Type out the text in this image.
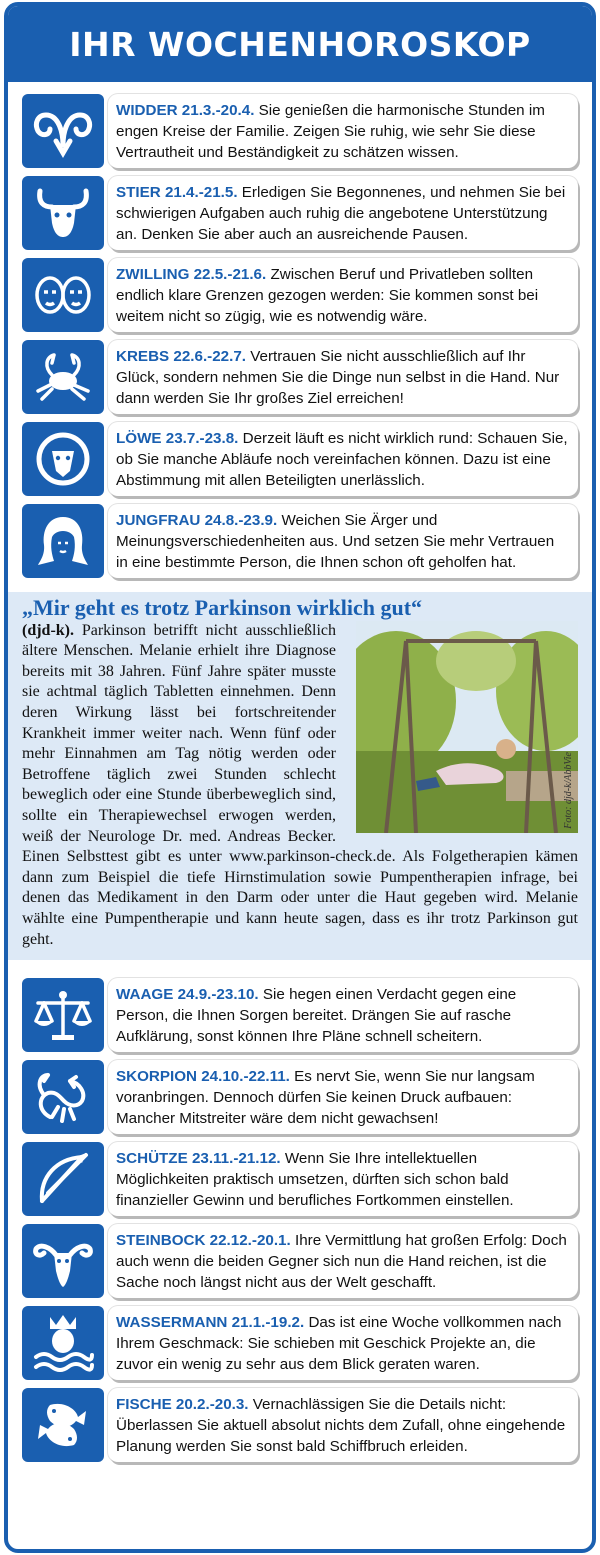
IHR WOCHENHOROSKOP
WIDDER 21.3.-20.4. Sie genießen die harmonische Stunden im engen Kreise der Familie. Zeigen Sie ruhig, wie sehr Sie diese Vertrautheit und Beständigkeit zu schätzen wissen.
STIER 21.4.-21.5. Erledigen Sie Begonnenes, und nehmen Sie bei schwierigen Aufgaben auch ruhig die angebotene Unterstützung an. Denken Sie aber auch an ausreichende Pausen.
ZWILLING 22.5.-21.6. Zwischen Beruf und Privatleben sollten endlich klare Grenzen gezogen werden: Sie kommen sonst bei weitem nicht so zügig, wie es notwendig wäre.
KREBS 22.6.-22.7. Vertrauen Sie nicht ausschließlich auf Ihr Glück, sondern nehmen Sie die Dinge nun selbst in die Hand. Nur dann werden Sie Ihr großes Ziel erreichen!
LÖWE 23.7.-23.8. Derzeit läuft es nicht wirklich rund: Schauen Sie, ob Sie manche Abläufe noch vereinfachen können. Dazu ist eine Abstimmung mit allen Beteiligten unerlässlich.
JUNGFRAU 24.8.-23.9. Weichen Sie Ärger und Meinungsverschiedenheiten aus. Und setzen Sie mehr Vertrauen in eine bestimmte Person, die Ihnen schon oft geholfen hat.
„Mir geht es trotz Parkinson wirklich gut“
Foto: djd-k/AbbVie

(djd-k). Parkinson betrifft nicht ausschließlich ältere Menschen. Melanie erhielt ihre Diagnose bereits mit 38 Jahren. Fünf Jahre später musste sie achtmal täglich Tabletten einnehmen. Denn deren Wirkung lässt bei fortschreitender Krankheit immer weiter nach. Wenn fünf oder mehr Einnahmen am Tag nötig werden oder Betroffene täglich zwei Stunden schlecht beweglich oder eine Stunde überbeweglich sind, sollte ein Therapiewechsel erwogen werden, weiß der Neurologe Dr. med. Andreas Becker. Einen Selbsttest gibt es unter www.parkinson-check.de. Als Folgetherapien kämen dann zum Beispiel die tiefe Hirnstimulation sowie Pumpentherapien infrage, bei denen das Medikament in den Darm oder unter die Haut gegeben wird. Melanie wählte eine Pumpentherapie und kann heute sagen, dass es ihr trotz Parkinson gut geht.

WAAGE 24.9.-23.10. Sie hegen einen Verdacht gegen eine Person, die Ihnen Sorgen bereitet. Drängen Sie auf rasche Aufklärung, sonst können Ihre Pläne schnell scheitern.
SKORPION 24.10.-22.11. Es nervt Sie, wenn Sie nur langsam voranbringen. Dennoch dürfen Sie keinen Druck aufbauen: Mancher Mitstreiter wäre dem nicht gewachsen!
SCHÜTZE 23.11.-21.12. Wenn Sie Ihre intellektuellen Möglichkeiten praktisch umsetzen, dürften sich schon bald finanzieller Gewinn und berufliches Fortkommen einstellen.
STEINBOCK 22.12.-20.1. Ihre Vermittlung hat großen Erfolg: Doch auch wenn die beiden Gegner sich nun die Hand reichen, ist die Sache noch längst nicht aus der Welt geschafft.
WASSERMANN 21.1.-19.2. Das ist eine Woche vollkommen nach Ihrem Geschmack: Sie schieben mit Geschick Projekte an, die zuvor ein wenig zu sehr aus dem Blick geraten waren.
FISCHE 20.2.-20.3. Vernachlässigen Sie die Details nicht: Überlassen Sie aktuell absolut nichts dem Zufall, ohne eingehende Planung werden Sie sonst bald Schiffbruch erleiden.
